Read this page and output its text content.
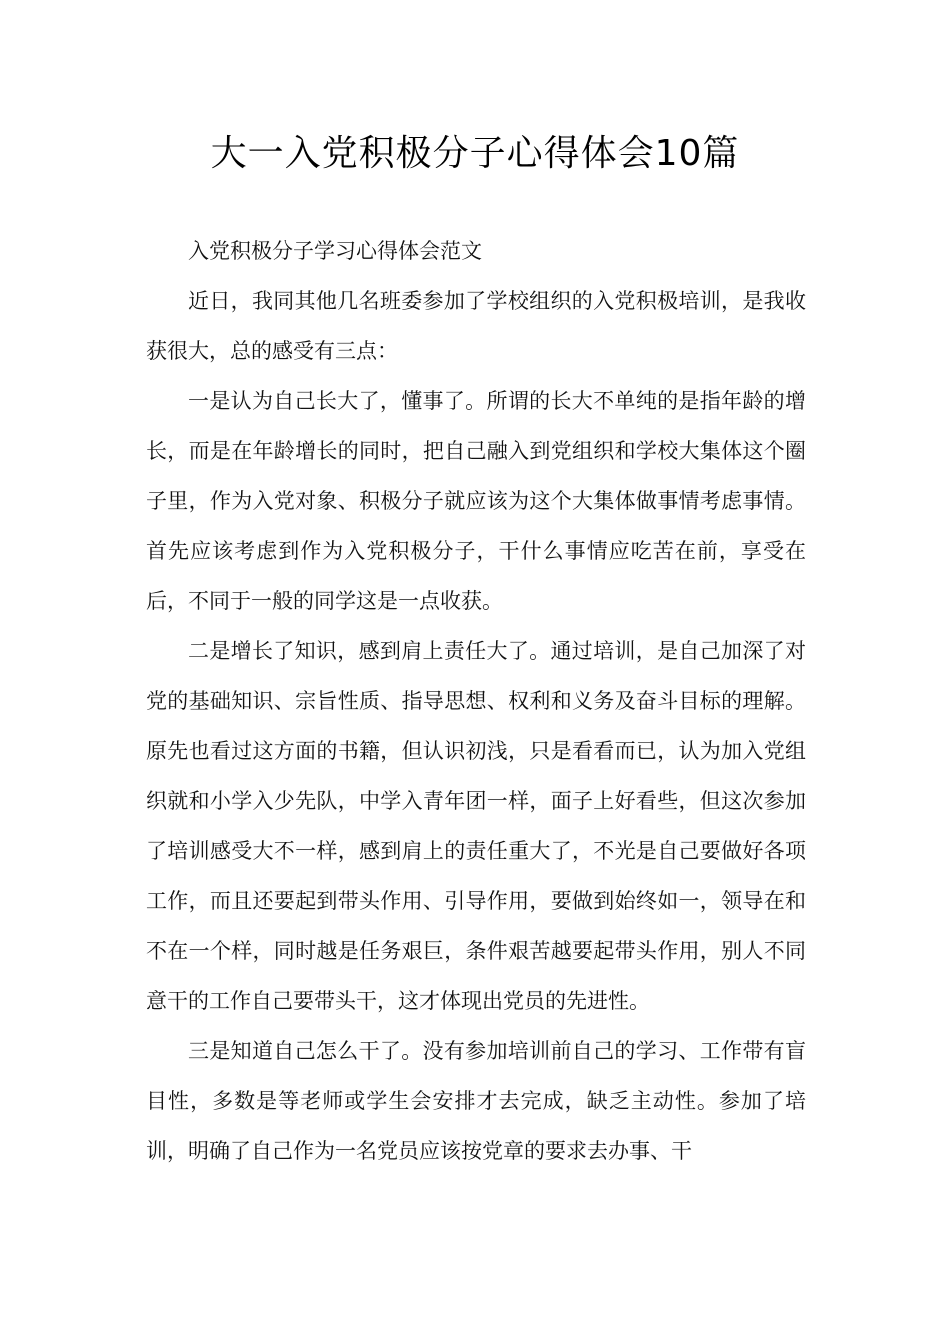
大一入党积极分子心得体会10篇

入党积极分子学习心得体会范文

近日，我同其他几名班委参加了学校组织的入党积极培训，是我收获很大，总的感受有三点：

一是认为自己长大了，懂事了。所谓的长大不单纯的是指年龄的增长，而是在年龄增长的同时，把自己融入到党组织和学校大集体这个圈子里，作为入党对象、积极分子就应该为这个大集体做事情考虑事情。首先应该考虑到作为入党积极分子，干什么事情应吃苦在前，享受在后，不同于一般的同学这是一点收获。

二是增长了知识，感到肩上责任大了。通过培训，是自己加深了对党的基础知识、宗旨性质、指导思想、权利和义务及奋斗目标的理解。原先也看过这方面的书籍，但认识初浅，只是看看而已，认为加入党组织就和小学入少先队，中学入青年团一样，面子上好看些，但这次参加了培训感受大不一样，感到肩上的责任重大了，不光是自己要做好各项工作，而且还要起到带头作用、引导作用，要做到始终如一，领导在和不在一个样，同时越是任务艰巨，条件艰苦越要起带头作用，别人不同意干的工作自己要带头干，这才体现出党员的先进性。

三是知道自己怎么干了。没有参加培训前自己的学习、工作带有盲目性，多数是等老师或学生会安排才去完成，缺乏主动性。参加了培训，明确了自己作为一名党员应该按党章的要求去办事、干
